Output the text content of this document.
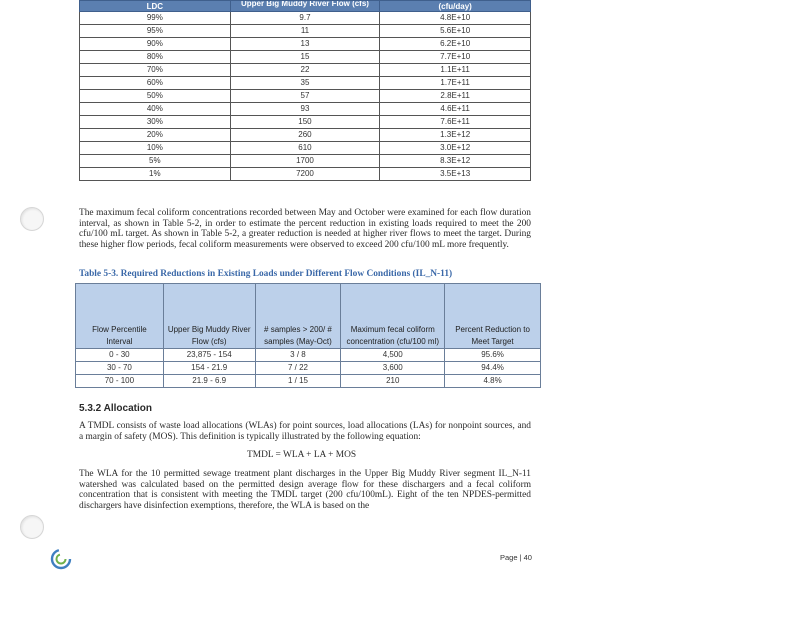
LDC	Upper Big Muddy River Flow (cfs)	(cfu/day)
99%	9.7	4.8E+10
95%	11	5.6E+10
90%	13	6.2E+10
80%	15	7.7E+10
70%	22	1.1E+11
60%	35	1.7E+11
50%	57	2.8E+11
40%	93	4.6E+11
30%	150	7.6E+11
20%	260	1.3E+12
10%	610	3.0E+12
5%	1700	8.3E+12
1%	7200	3.5E+13

The maximum fecal coliform concentrations recorded between May and October were examined for each flow duration interval, as shown in Table 5-2, in order to estimate the percent reduction in existing loads required to meet the 200 cfu/100 mL target. As shown in Table 5-2, a greater reduction is needed at higher river flows to meet the target. During these higher flow periods, fecal coliform measurements were observed to exceed 200 cfu/100 mL more frequently.

Table 5-3. Required Reductions in Existing Loads under Different Flow Conditions (IL_N-11)

Flow Percentile Interval	Upper Big Muddy River Flow (cfs)	# samples > 200/ # samples (May-Oct)	Maximum fecal coliform concentration (cfu/100 ml)	Percent Reduction to Meet Target
0 - 30	23,875 - 154	3 / 8	4,500	95.6%
30 - 70	154 - 21.9	7 / 22	3,600	94.4%
70 - 100	21.9 - 6.9	1 / 15	210	4.8%

5.3.2 Allocation

A TMDL consists of waste load allocations (WLAs) for point sources, load allocations (LAs) for nonpoint sources, and a margin of safety (MOS). This definition is typically illustrated by the following equation:

TMDL = WLA + LA + MOS

The WLA for the 10 permitted sewage treatment plant discharges in the Upper Big Muddy River segment IL_N-11 watershed was calculated based on the permitted design average flow for these dischargers and a fecal coliform concentration that is consistent with meeting the TMDL target (200 cfu/100mL). Eight of the ten NPDES-permitted dischargers have disinfection exemptions, therefore, the WLA is based on the

Page | 40
